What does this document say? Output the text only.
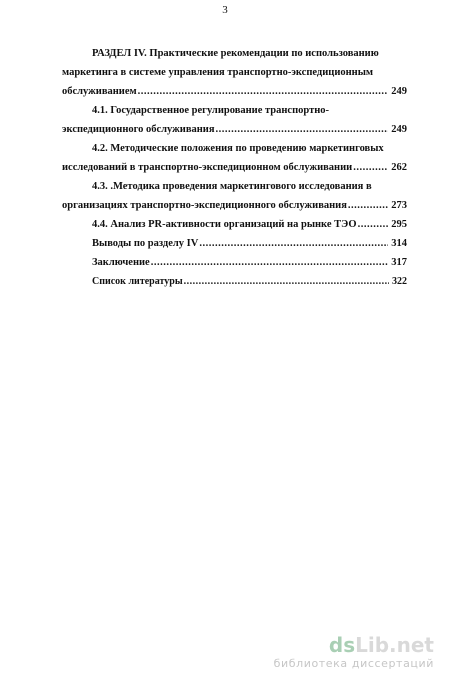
3
РАЗДЕЛ IV. Практические рекомендации по использованию
маркетинга в системе управления транспортно-экспедиционным
обслуживанием .....	249
4.1. Государственное регулирование транспортно-
экспедиционного обслуживания .....	249
4.2. Методические положения по проведению маркетинговых
исследований в транспортно-экспедиционном обслуживании .....	262
4.3. .Методика проведения маркетингового исследования в
организациях транспортно-экспедиционного обслуживания .....	273
4.4. Анализ PR-активности организаций на рынке ТЭО .....	295
Выводы по разделу IV .....	314
Заключение .....	317
Список литературы .....	322
dsLib.net
библиотека диссертаций
